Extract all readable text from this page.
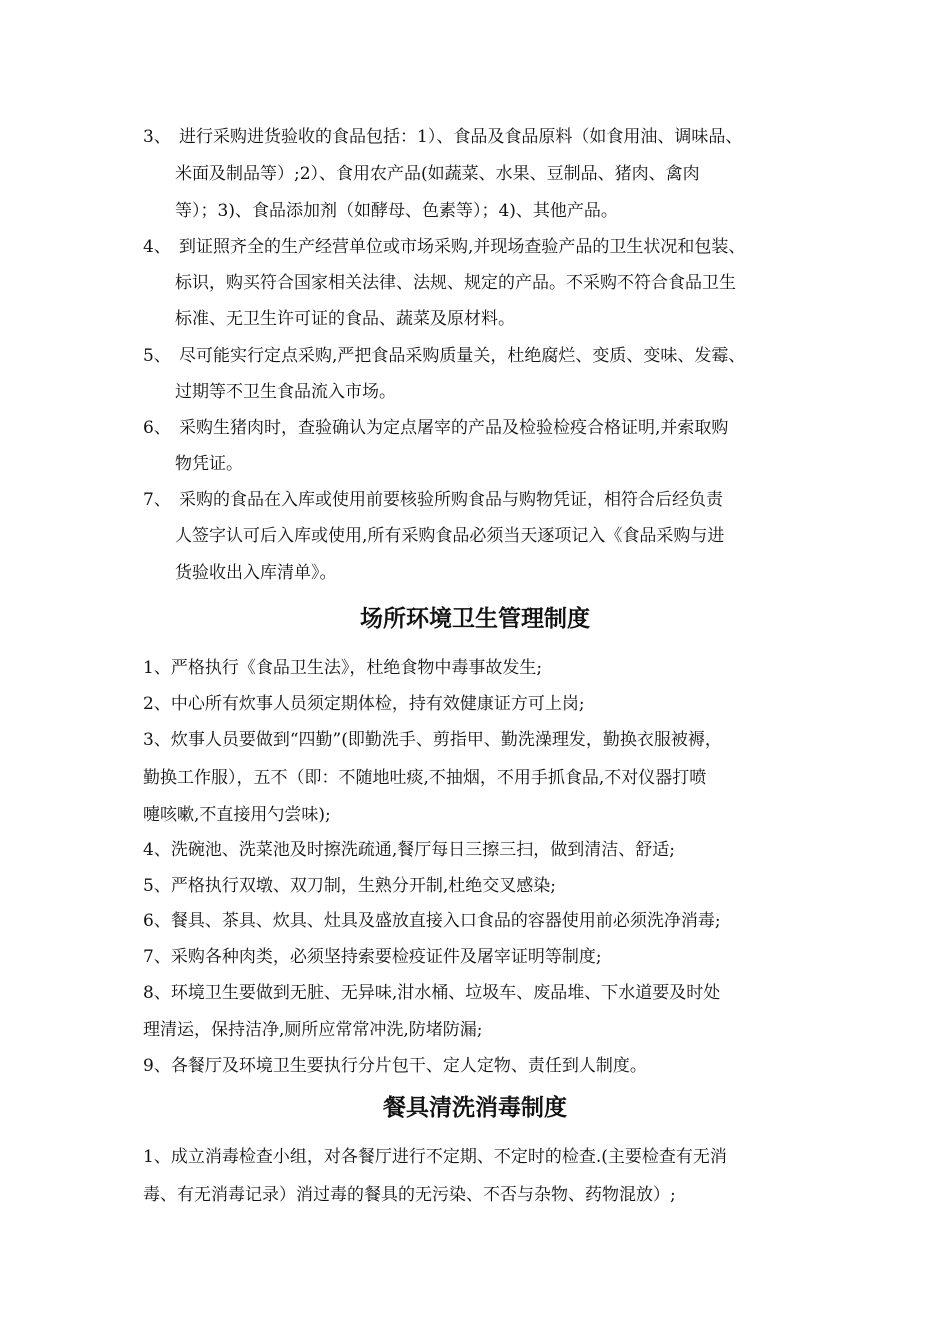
3、 进行采购进货验收的食品包括：1）、食品及食品原料（如食用油、调味品、
米面及制品等）;2）、食用农产品(如蔬菜、水果、豆制品、猪肉、禽肉
等）；3)、食品添加剂（如酵母、色素等）；4)、其他产品。
4、 到证照齐全的生产经营单位或市场采购,并现场查验产品的卫生状况和包装、
标识，购买符合国家相关法律、法规、规定的产品。不采购不符合食品卫生
标准、无卫生许可证的食品、蔬菜及原材料。
5、 尽可能实行定点采购,严把食品采购质量关，杜绝腐烂、变质、变味、发霉、
过期等不卫生食品流入市场。
6、 采购生猪肉时，查验确认为定点屠宰的产品及检验检疫合格证明,并索取购
物凭证。
7、 采购的食品在入库或使用前要核验所购食品与购物凭证，相符合后经负责
人签字认可后入库或使用,所有采购食品必须当天逐项记入《食品采购与进
货验收出入库清单》。
场所环境卫生管理制度
1、严格执行《食品卫生法》，杜绝食物中毒事故发生;
2、中心所有炊事人员须定期体检，持有效健康证方可上岗;
3、炊事人员要做到“四勤”(即勤洗手、剪指甲、勤洗澡理发，勤换衣服被褥，
勤换工作服），五不（即：不随地吐痰,不抽烟，不用手抓食品,不对仪器打喷
嚏咳嗽,不直接用勺尝味);
4、洗碗池、洗菜池及时擦洗疏通,餐厅每日三擦三扫，做到清洁、舒适;
5、严格执行双墩、双刀制，生熟分开制,杜绝交叉感染;
6、餐具、茶具、炊具、灶具及盛放直接入口食品的容器使用前必须洗净消毒;
7、采购各种肉类，必须坚持索要检疫证件及屠宰证明等制度;
8、环境卫生要做到无脏、无异味,泔水桶、垃圾车、废品堆、下水道要及时处
理清运，保持洁净,厕所应常常冲洗,防堵防漏;
9、各餐厅及环境卫生要执行分片包干、定人定物、责任到人制度。
餐具清洗消毒制度
1、成立消毒检查小组，对各餐厅进行不定期、不定时的检查.(主要检查有无消
毒、有无消毒记录）消过毒的餐具的无污染、不否与杂物、药物混放）;
